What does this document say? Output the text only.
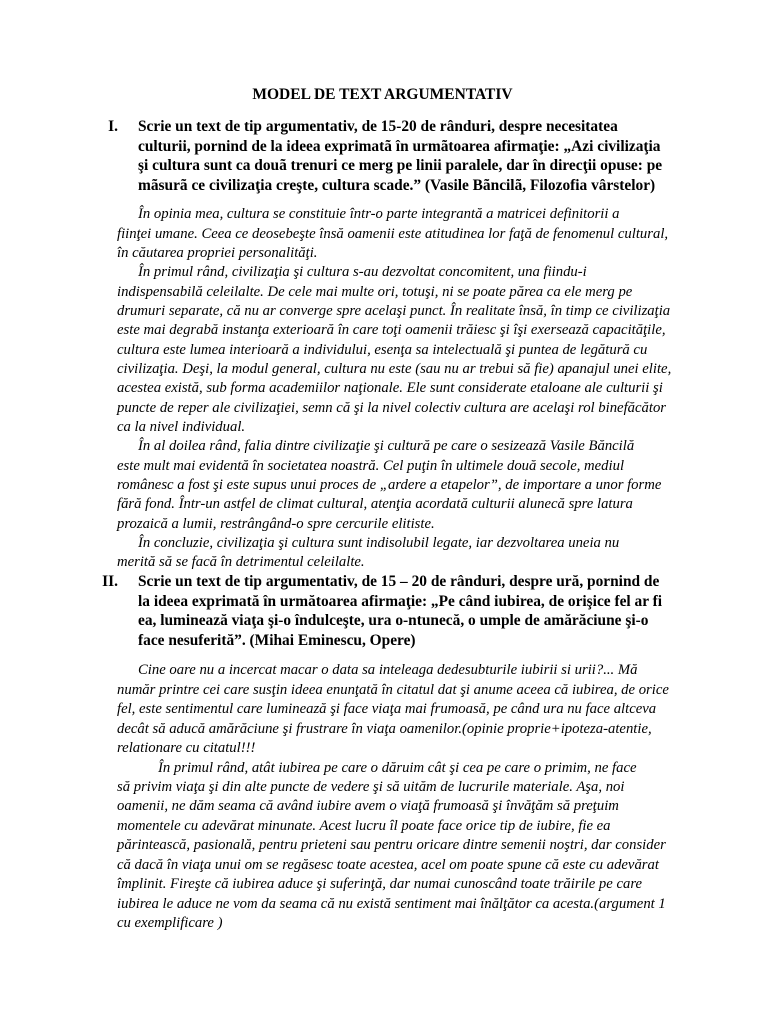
MODEL DE TEXT ARGUMENTATIV
I. Scrie un text de tip argumentativ, de 15-20 de rânduri, despre necesitatea
culturii, pornind de la ideea exprimatã în urmãtoarea afirmaţie: „Azi civilizaţia
şi cultura sunt ca douã trenuri ce merg pe linii paralele, dar în direcţii opuse: pe
mãsurã ce civilizaţia creşte, cultura scade.” (Vasile Bãncilã, Filozofia vârstelor)
În opinia mea, cultura se constituie într-o parte integrantă a matricei definitorii a
fiinţei umane. Ceea ce deosebeşte însă oamenii este atitudinea lor faţă de fenomenul cultural,
în căutarea propriei personalităţi.
În primul rând, civilizaţia şi cultura s-au dezvoltat concomitent, una fiindu-i
indispensabilă celeilalte. De cele mai multe ori, totuşi, ni se poate părea ca ele merg pe
drumuri separate, că nu ar converge spre acelaşi punct. În realitate însă, în timp ce civilizaţia
este mai degrabă instanţa exterioară în care toţi oamenii trăiesc şi îşi exersează capacităţile,
cultura este lumea interioară a individului, esenţa sa intelectuală şi puntea de legătură cu
civilizaţia. Deşi, la modul general, cultura nu este (sau nu ar trebui să fie) apanajul unei elite,
acestea există, sub forma academiilor naţionale. Ele sunt considerate etaloane ale culturii şi
puncte de reper ale civilizaţiei, semn că şi la nivel colectiv cultura are acelaşi rol binefăcător
ca la nivel individual.
În al doilea rând, falia dintre civilizaţie şi cultură pe care o sesizează Vasile Băncilă
este mult mai evidentă în societatea noastră. Cel puţin în ultimele două secole, mediul
românesc a fost şi este supus unui proces de „ardere a etapelor”, de importare a unor forme
fără fond. Într-un astfel de climat cultural, atenţia acordată culturii alunecă spre latura
prozaică a lumii, restrângând-o spre cercurile elitiste.
În concluzie, civilizaţia şi cultura sunt indisolubil legate, iar dezvoltarea uneia nu
merită să se facă în detrimentul celeilalte.
II. Scrie un text de tip argumentativ, de 15 – 20 de rânduri, despre ură, pornind de
la ideea exprimată în următoarea afirmaţie: „Pe când iubirea, de orişice fel ar fi
ea, luminează viaţa şi-o îndulceşte, ura o-ntunecă, o umple de amărăciune şi-o
face nesuferită”. (Mihai Eminescu, Opere)
Cine oare nu a incercat macar o data sa inteleaga dedesubturile iubirii si urii?... Mă
număr printre cei care susţin ideea enunţată în citatul dat şi anume aceea că iubirea, de orice
fel, este sentimentul care luminează şi face viaţa mai frumoasă, pe când ura nu face altceva
decât să aducă amărăciune şi frustrare în viaţa oamenilor.(opinie proprie+ipoteza-atentie,
relationare cu citatul!!!
În primul rând, atât iubirea pe care o dăruim cât şi cea pe care o primim, ne face
să privim viaţa şi din alte puncte de vedere şi să uităm de lucrurile materiale. Aşa, noi
oamenii, ne dăm seama că având iubire avem o viaţă frumoasă şi învăţăm să preţuim
momentele cu adevărat minunate. Acest lucru îl poate face orice tip de iubire, fie ea
părintească, pasională, pentru prieteni sau pentru oricare dintre semenii noştri, dar consider
că dacă în viaţa unui om se regăsesc toate acestea, acel om poate spune că este cu adevărat
împlinit. Fireşte că iubirea aduce şi suferinţă, dar numai cunoscând toate trăirile pe care
iubirea le aduce ne vom da seama că nu există sentiment mai înălţător ca acesta.(argument 1
cu exemplificare )
